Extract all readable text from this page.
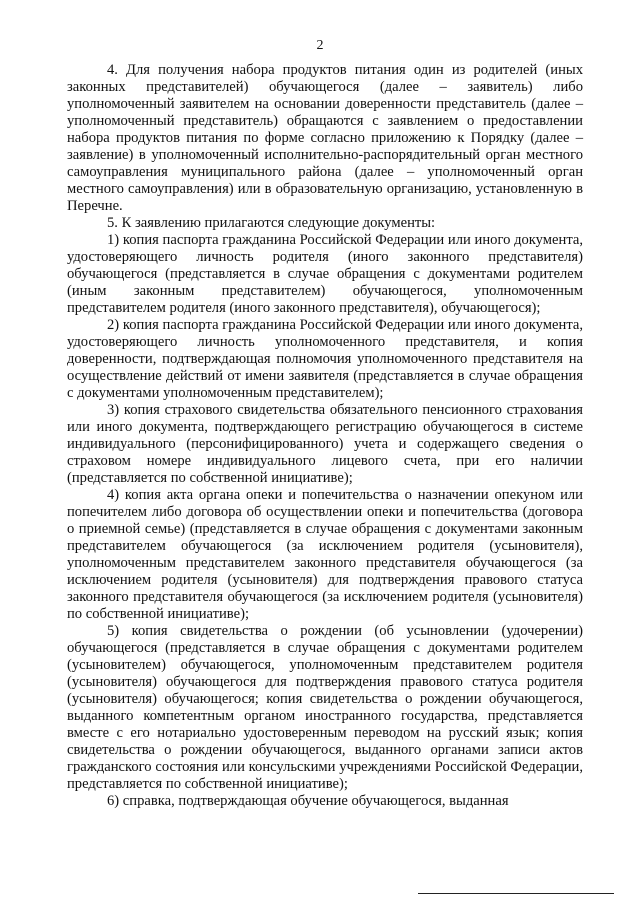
2

4. Для получения набора продуктов питания один из родителей (иных законных представителей) обучающегося (далее – заявитель) либо уполномоченный заявителем на основании доверенности представитель (далее – уполномоченный представитель) обращаются с заявлением о предоставлении набора продуктов питания по форме согласно приложению к Порядку (далее – заявление) в уполномоченный исполнительно-распорядительный орган местного самоуправления муниципального района (далее – уполномоченный орган местного самоуправления) или в образовательную организацию, установленную в Перечне.

5. К заявлению прилагаются следующие документы:

1) копия паспорта гражданина Российской Федерации или иного документа, удостоверяющего личность родителя (иного законного представителя) обучающегося (представляется в случае обращения с документами родителем (иным законным представителем) обучающегося, уполномоченным представителем родителя (иного законного представителя), обучающегося);

2) копия паспорта гражданина Российской Федерации или иного документа, удостоверяющего личность уполномоченного представителя, и копия доверенности, подтверждающая полномочия уполномоченного представителя на осуществление действий от имени заявителя (представляется в случае обращения с документами уполномоченным представителем);

3) копия страхового свидетельства обязательного пенсионного страхования или иного документа, подтверждающего регистрацию обучающегося в системе индивидуального (персонифицированного) учета и содержащего сведения о страховом номере индивидуального лицевого счета, при его наличии (представляется по собственной инициативе);

4) копия акта органа опеки и попечительства о назначении опекуном или попечителем либо договора об осуществлении опеки и попечительства (договора о приемной семье) (представляется в случае обращения с документами законным представителем обучающегося (за исключением родителя (усыновителя), уполномоченным представителем законного представителя обучающегося (за исключением родителя (усыновителя) для подтверждения правового статуса законного представителя обучающегося (за исключением родителя (усыновителя) по собственной инициативе);

5) копия свидетельства о рождении (об усыновлении (удочерении) обучающегося (представляется в случае обращения с документами родителем (усыновителем) обучающегося, уполномоченным представителем родителя (усыновителя) обучающегося для подтверждения правового статуса родителя (усыновителя) обучающегося; копия свидетельства о рождении обучающегося, выданного компетентным органом иностранного государства, представляется вместе с его нотариально удостоверенным переводом на русский язык; копия свидетельства о рождении обучающегося, выданного органами записи актов гражданского состояния или консульскими учреждениями Российской Федерации, представляется по собственной инициативе);

6) справка, подтверждающая обучение обучающегося, выданная
